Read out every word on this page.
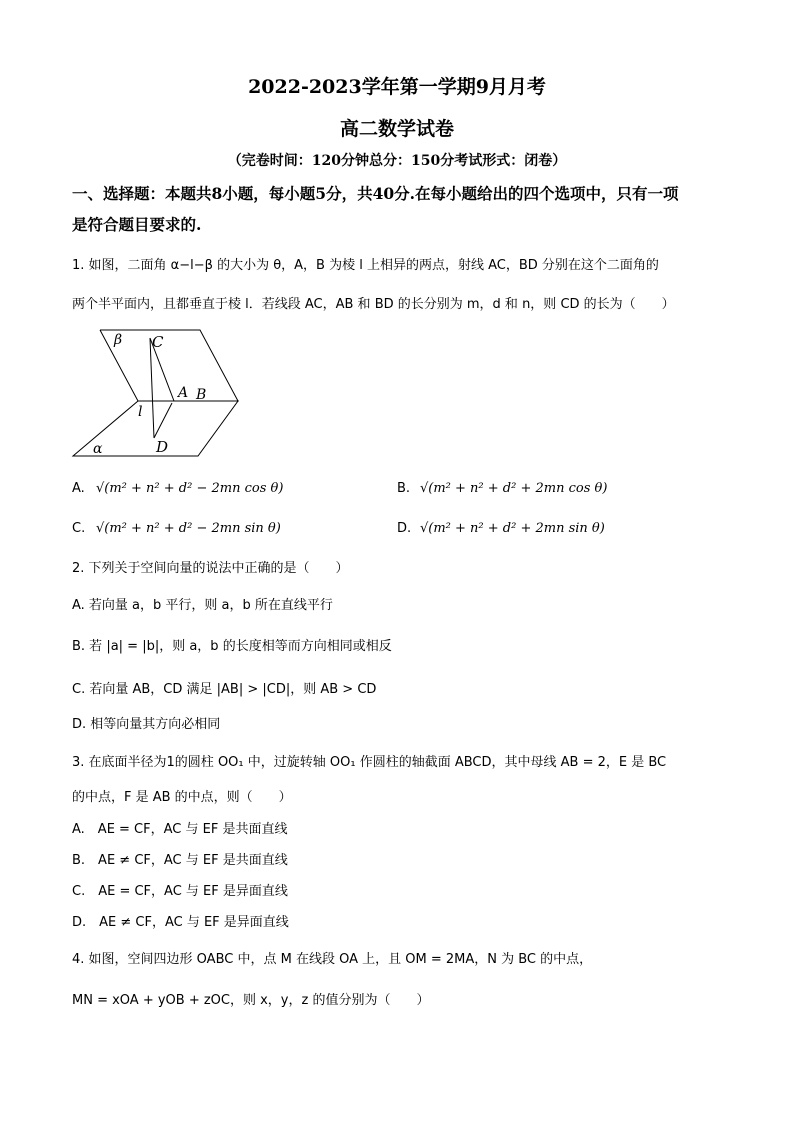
2022-2023学年第一学期9月月考
高二数学试卷
（完卷时间：120分钟总分：150分考试形式：闭卷）
一、选择题：本题共8小题，每小题5分，共40分.在每小题给出的四个选项中，只有一项
是符合题目要求的.
1. 如图，二面角 α−l−β 的大小为 θ，A，B 为棱 l 上相异的两点，射线 AC，BD 分别在这个二面角的
两个半平面内，且都垂直于棱 l．若线段 AC，AB 和 BD 的长分别为 m，d 和 n，则 CD 的长为（　　）
β C
A B
l
D
α
A. √(m² + n² + d² − 2mn cos θ)	B. √(m² + n² + d² + 2mn cos θ)
C. √(m² + n² + d² − 2mn sin θ)	D. √(m² + n² + d² + 2mn sin θ)
2. 下列关于空间向量的说法中正确的是（　　）
A. 若向量 a，b 平行，则 a，b 所在直线平行
B. 若 |a| = |b|，则 a，b 的长度相等而方向相同或相反
C. 若向量 AB，CD 满足 |AB| > |CD|，则 AB > CD
D. 相等向量其方向必相同
3. 在底面半径为1的圆柱 OO₁ 中，过旋转轴 OO₁ 作圆柱的轴截面 ABCD，其中母线 AB = 2，E 是 BC
的中点，F 是 AB 的中点，则（　　）
A.　AE = CF，AC 与 EF 是共面直线
B.　AE ≠ CF，AC 与 EF 是共面直线
C.　AE = CF，AC 与 EF 是异面直线
D.　AE ≠ CF，AC 与 EF 是异面直线
4. 如图，空间四边形 OABC 中，点 M 在线段 OA 上，且 OM = 2MA，N 为 BC 的中点，
MN = xOA + yOB + zOC，则 x，y，z 的值分别为（　　）
